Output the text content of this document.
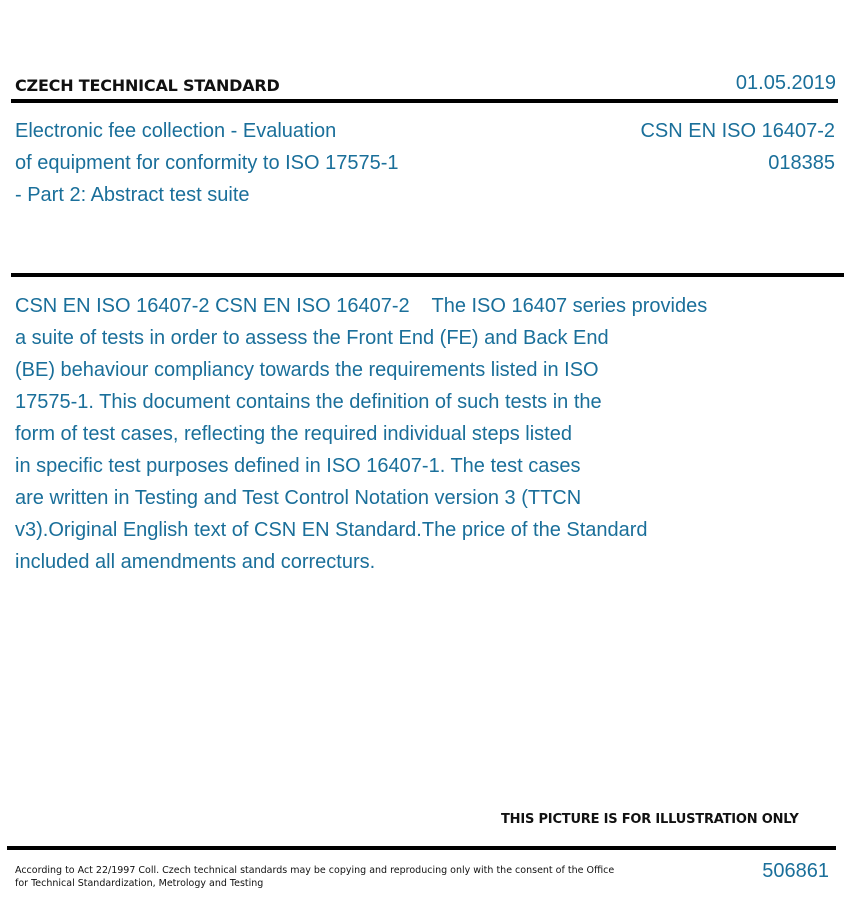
CZECH TECHNICAL STANDARD	01.05.2019
Electronic fee collection - Evaluation
of equipment for conformity to ISO 17575-1
- Part 2: Abstract test suite
CSN EN ISO 16407-2
018385
CSN EN ISO 16407-2 CSN EN ISO 16407-2    The ISO 16407 series provides
a suite of tests in order to assess the Front End (FE) and Back End
(BE) behaviour compliancy towards the requirements listed in ISO
17575-1. This document contains the definition of such tests in the
form of test cases, reflecting the required individual steps listed
in specific test purposes defined in ISO 16407-1. The test cases
are written in Testing and Test Control Notation version 3 (TTCN
v3).Original English text of CSN EN Standard.The price of the Standard
included all amendments and correcturs.
THIS PICTURE IS FOR ILLUSTRATION ONLY
According to Act 22/1997 Coll. Czech technical standards may be copying and reproducing only with the consent of the Office
for Technical Standardization, Metrology and Testing
506861
